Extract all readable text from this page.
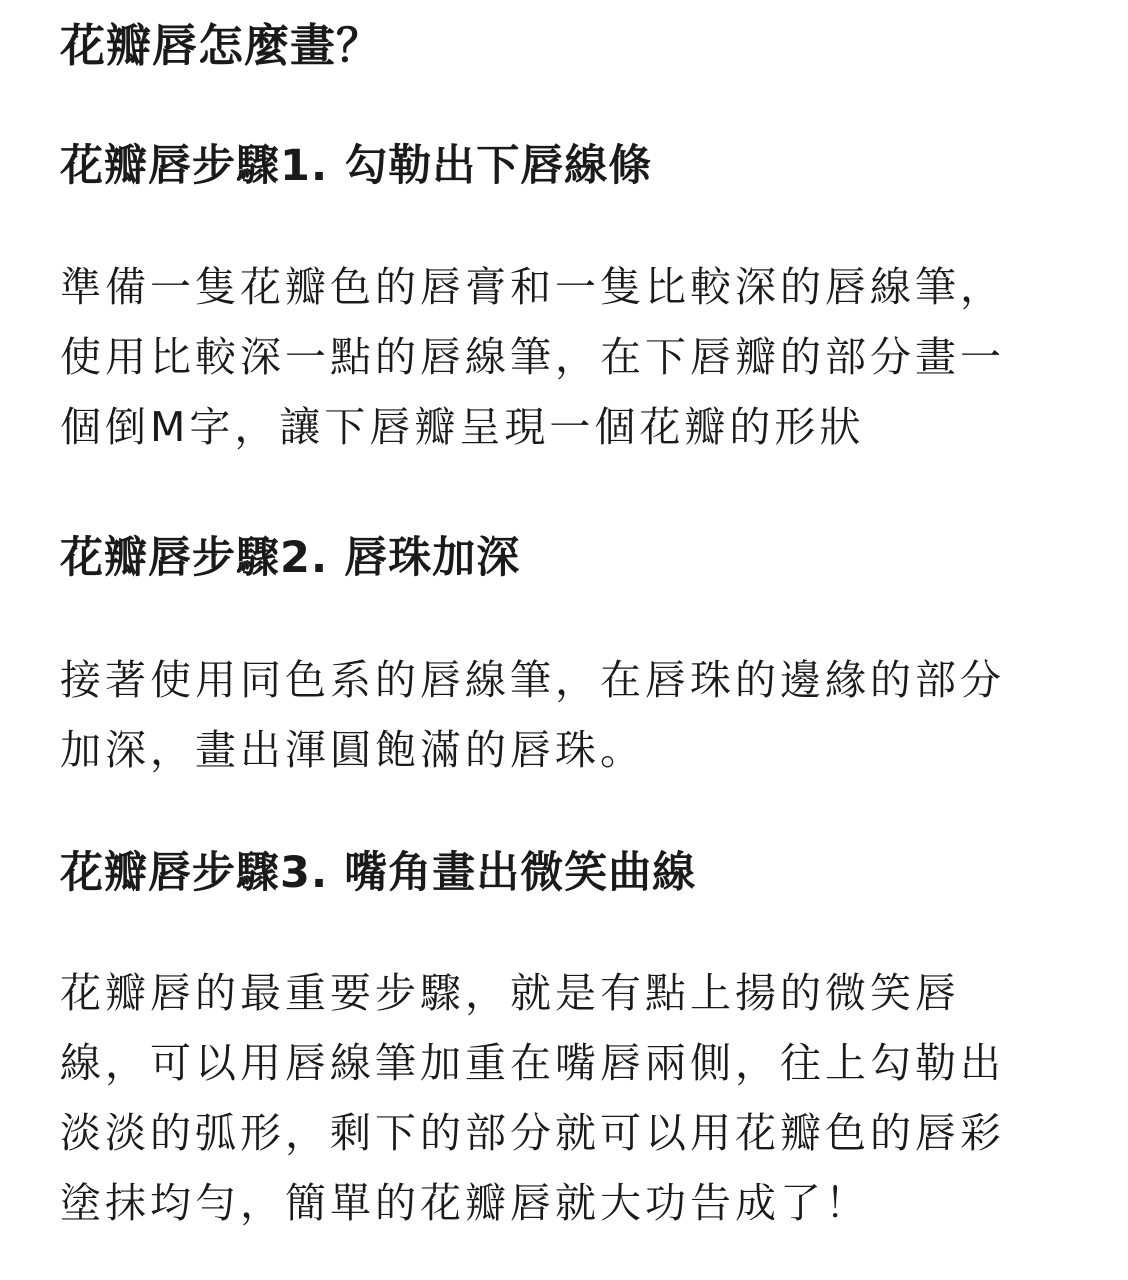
花瓣唇怎麼畫？
花瓣唇步驟1. 勾勒出下唇線條

準備一隻花瓣色的唇膏和一隻比較深的唇線筆，
使用比較深一點的唇線筆，在下唇瓣的部分畫一
個倒M字，讓下唇瓣呈現一個花瓣的形狀

花瓣唇步驟2. 唇珠加深

接著使用同色系的唇線筆，在唇珠的邊緣的部分
加深，畫出渾圓飽滿的唇珠。

花瓣唇步驟3. 嘴角畫出微笑曲線

花瓣唇的最重要步驟，就是有點上揚的微笑唇
線，可以用唇線筆加重在嘴唇兩側，往上勾勒出
淡淡的弧形，剩下的部分就可以用花瓣色的唇彩
塗抹均勻，簡單的花瓣唇就大功告成了！
